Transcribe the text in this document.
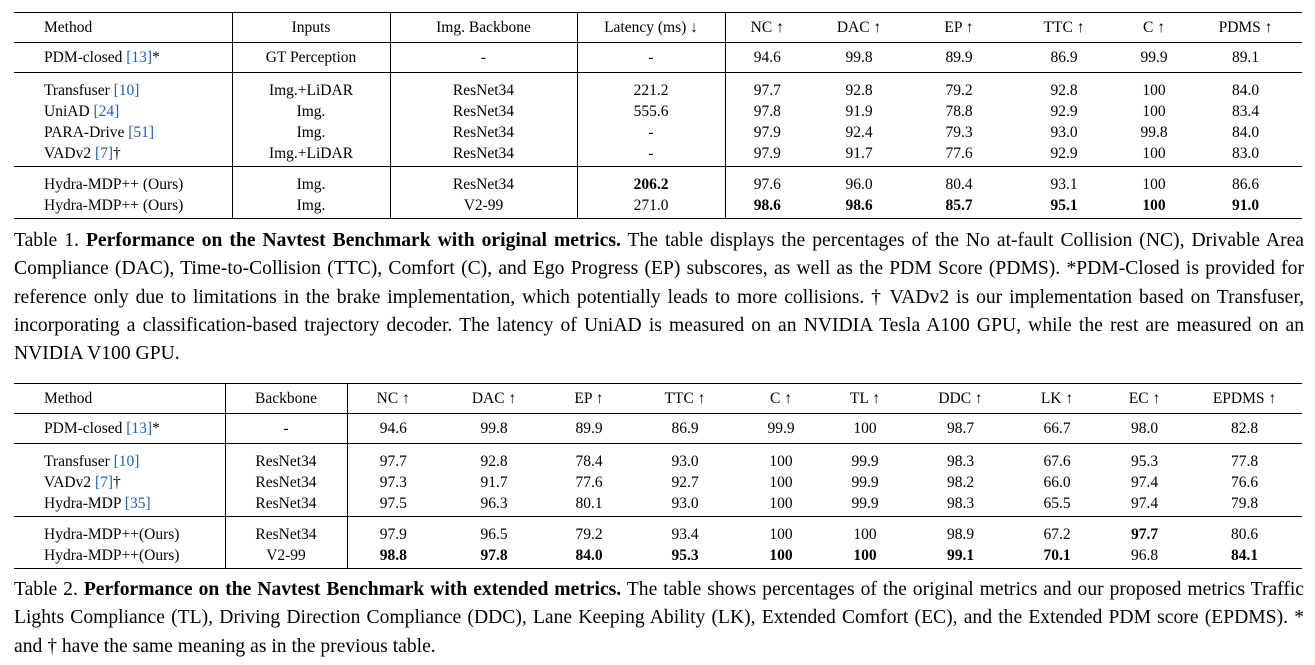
Method	Inputs	Img. Backbone	Latency (ms) ↓	NC ↑	DAC ↑	EP ↑	TTC ↑	C ↑	PDMS ↑
PDM-closed [13]*	GT Perception	-	-	94.6	99.8	89.9	86.9	99.9	89.1
Transfuser [10]	Img.+LiDAR	ResNet34	221.2	97.7	92.8	79.2	92.8	100	84.0
UniAD [24]	Img.	ResNet34	555.6	97.8	91.9	78.8	92.9	100	83.4
PARA-Drive [51]	Img.	ResNet34	-	97.9	92.4	79.3	93.0	99.8	84.0
VADv2 [7]†	Img.+LiDAR	ResNet34	-	97.9	91.7	77.6	92.9	100	83.0
Hydra-MDP++ (Ours)	Img.	ResNet34	206.2	97.6	96.0	80.4	93.1	100	86.6
Hydra-MDP++ (Ours)	Img.	V2-99	271.0	98.6	98.6	85.7	95.1	100	91.0
Table 1. Performance on the Navtest Benchmark with original metrics. The table displays the percentages of the No at-fault Collision (NC), Drivable Area Compliance (DAC), Time-to-Collision (TTC), Comfort (C), and Ego Progress (EP) subscores, as well as the PDM Score (PDMS). *PDM-Closed is provided for reference only due to limitations in the brake implementation, which potentially leads to more collisions. † VADv2 is our implementation based on Transfuser, incorporating a classification-based trajectory decoder. The latency of UniAD is measured on an NVIDIA Tesla A100 GPU, while the rest are measured on an NVIDIA V100 GPU.
Method	Backbone	NC ↑	DAC ↑	EP ↑	TTC ↑	C ↑	TL ↑	DDC ↑	LK ↑	EC ↑	EPDMS ↑
PDM-closed [13]*	-	94.6	99.8	89.9	86.9	99.9	100	98.7	66.7	98.0	82.8
Transfuser [10]	ResNet34	97.7	92.8	78.4	93.0	100	99.9	98.3	67.6	95.3	77.8
VADv2 [7]†	ResNet34	97.3	91.7	77.6	92.7	100	99.9	98.2	66.0	97.4	76.6
Hydra-MDP [35]	ResNet34	97.5	96.3	80.1	93.0	100	99.9	98.3	65.5	97.4	79.8
Hydra-MDP++(Ours)	ResNet34	97.9	96.5	79.2	93.4	100	100	98.9	67.2	97.7	80.6
Hydra-MDP++(Ours)	V2-99	98.8	97.8	84.0	95.3	100	100	99.1	70.1	96.8	84.1
Table 2. Performance on the Navtest Benchmark with extended metrics. The table shows percentages of the original metrics and our proposed metrics Traffic Lights Compliance (TL), Driving Direction Compliance (DDC), Lane Keeping Ability (LK), Extended Comfort (EC), and the Extended PDM score (EPDMS). * and † have the same meaning as in the previous table.
